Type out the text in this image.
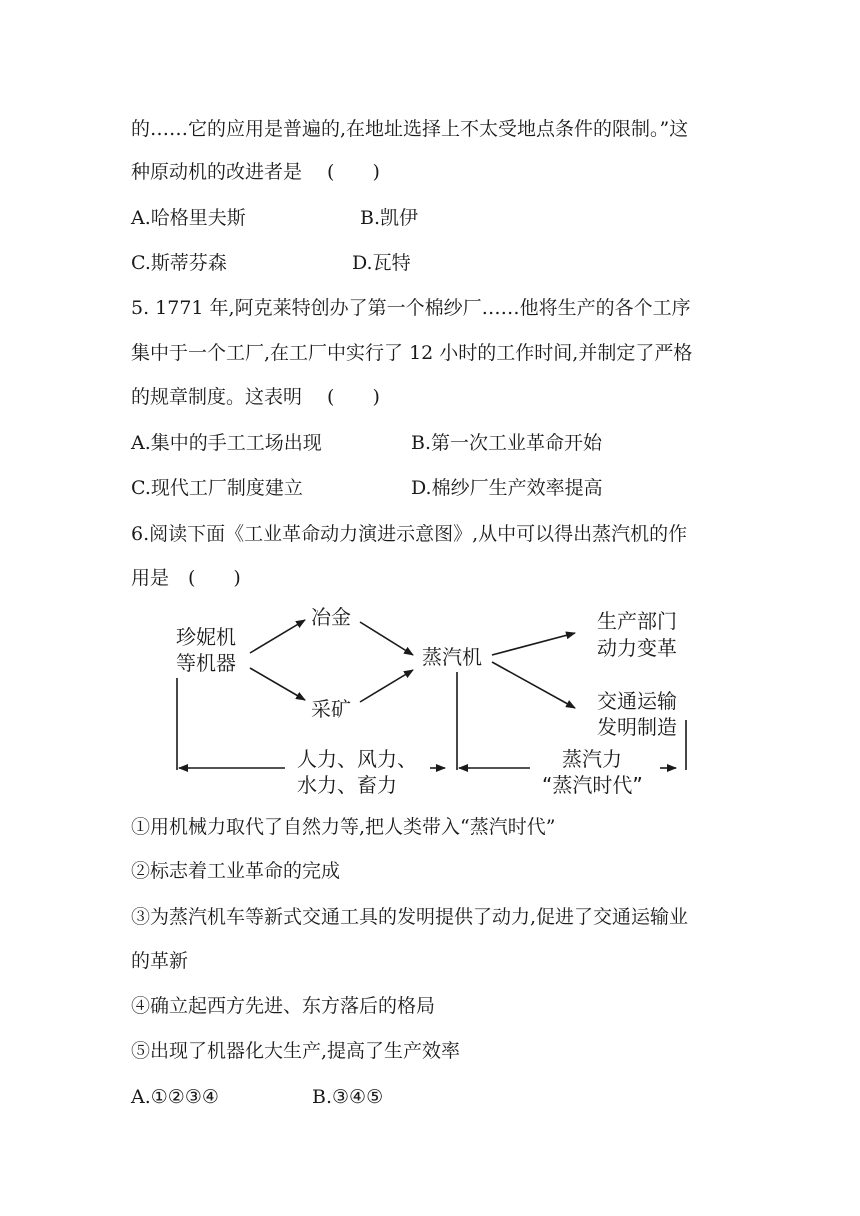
的……它的应用是普遍的,在地址选择上不太受地点条件的限制。”这
种原动机的改进者是　 (　　)
A.哈格里夫斯	B.凯伊
C.斯蒂芬森	D.瓦特
5. 1771 年,阿克莱特创办了第一个棉纱厂……他将生产的各个工序
集中于一个工厂,在工厂中实行了 12 小时的工作时间,并制定了严格
的规章制度。这表明　 (　　)
A.集中的手工工场出现	B.第一次工业革命开始
C.现代工厂制度建立	D.棉纱厂生产效率提高
6.阅读下面《工业革命动力演进示意图》,从中可以得出蒸汽机的作
用是　(　　)
珍妮机
等机器
冶金
采矿
蒸汽机
生产部门
动力变革
交通运输
发明制造
人力、风力、
水力、畜力
蒸汽力
“蒸汽时代”
①用机械力取代了自然力等,把人类带入“蒸汽时代”
②标志着工业革命的完成
③为蒸汽机车等新式交通工具的发明提供了动力,促进了交通运输业
的革新
④确立起西方先进、东方落后的格局
⑤出现了机器化大生产,提高了生产效率
A.①②③④	B.③④⑤
